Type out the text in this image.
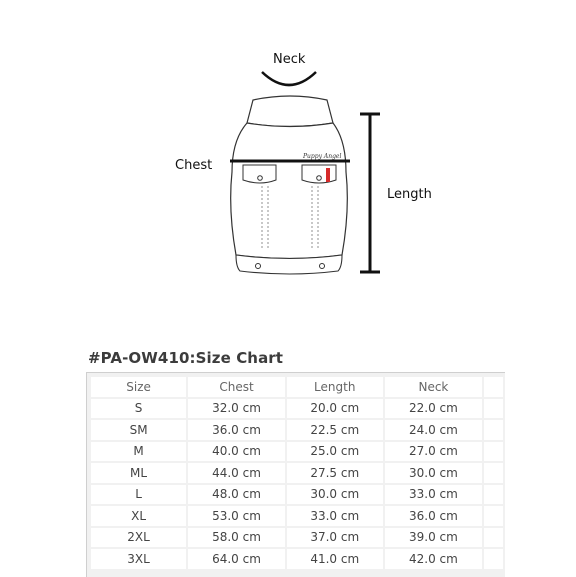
Puppy Angel
Neck
Chest
Length
#PA-OW410:Size Chart
Size	Chest	Length	Neck	
S	32.0 cm	20.0 cm	22.0 cm	
SM	36.0 cm	22.5 cm	24.0 cm	
M	40.0 cm	25.0 cm	27.0 cm	
ML	44.0 cm	27.5 cm	30.0 cm	
L	48.0 cm	30.0 cm	33.0 cm	
XL	53.0 cm	33.0 cm	36.0 cm	
2XL	58.0 cm	37.0 cm	39.0 cm	
3XL	64.0 cm	41.0 cm	42.0 cm	
